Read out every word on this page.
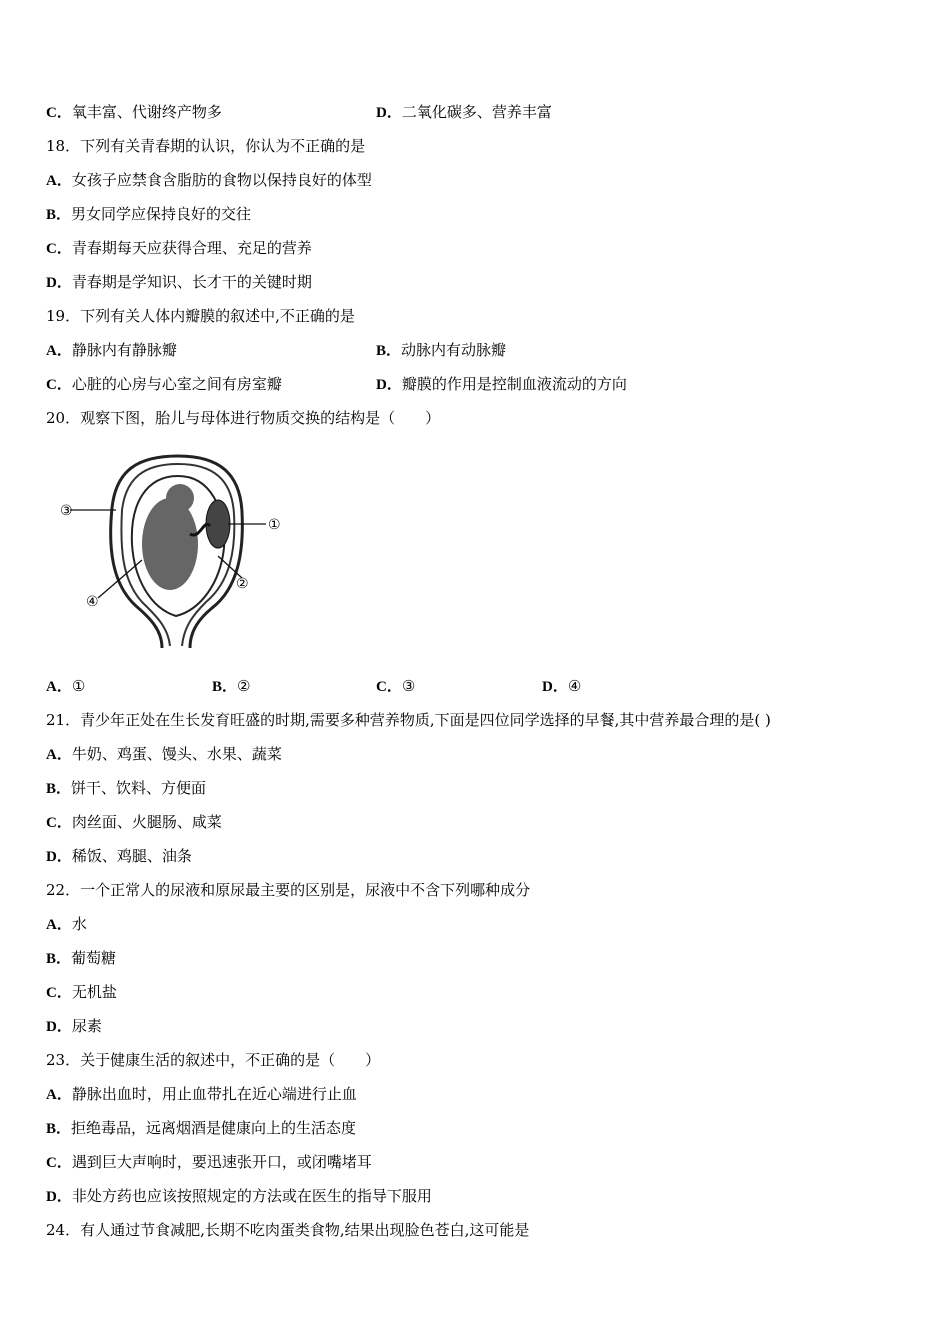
C．氧丰富、代谢终产物多	D．二氧化碳多、营养丰富
18．下列有关青春期的认识，你认为不正确的是
A．女孩子应禁食含脂肪的食物以保持良好的体型
B．男女同学应保持良好的交往
C．青春期每天应获得合理、充足的营养
D．青春期是学知识、长才干的关键时期
19．下列有关人体内瓣膜的叙述中,不正确的是
A．静脉内有静脉瓣	B．动脉内有动脉瓣
C．心脏的心房与心室之间有房室瓣	D．瓣膜的作用是控制血液流动的方向
20．观察下图，胎儿与母体进行物质交换的结构是（　　）
③
①
④
②
A．①	B．②	C．③	D．④
21．青少年正处在生长发育旺盛的时期,需要多种营养物质,下面是四位同学选择的早餐,其中营养最合理的是( )
A．牛奶、鸡蛋、馒头、水果、蔬菜
B．饼干、饮料、方便面
C．肉丝面、火腿肠、咸菜
D．稀饭、鸡腿、油条
22．一个正常人的尿液和原尿最主要的区别是，尿液中不含下列哪种成分
A．水
B．葡萄糖
C．无机盐
D．尿素
23．关于健康生活的叙述中，不正确的是（　　）
A．静脉出血时，用止血带扎在近心端进行止血
B．拒绝毒品，远离烟酒是健康向上的生活态度
C．遇到巨大声响时，要迅速张开口，或闭嘴堵耳
D．非处方药也应该按照规定的方法或在医生的指导下服用
24．有人通过节食减肥,长期不吃肉蛋类食物,结果出现脸色苍白,这可能是
